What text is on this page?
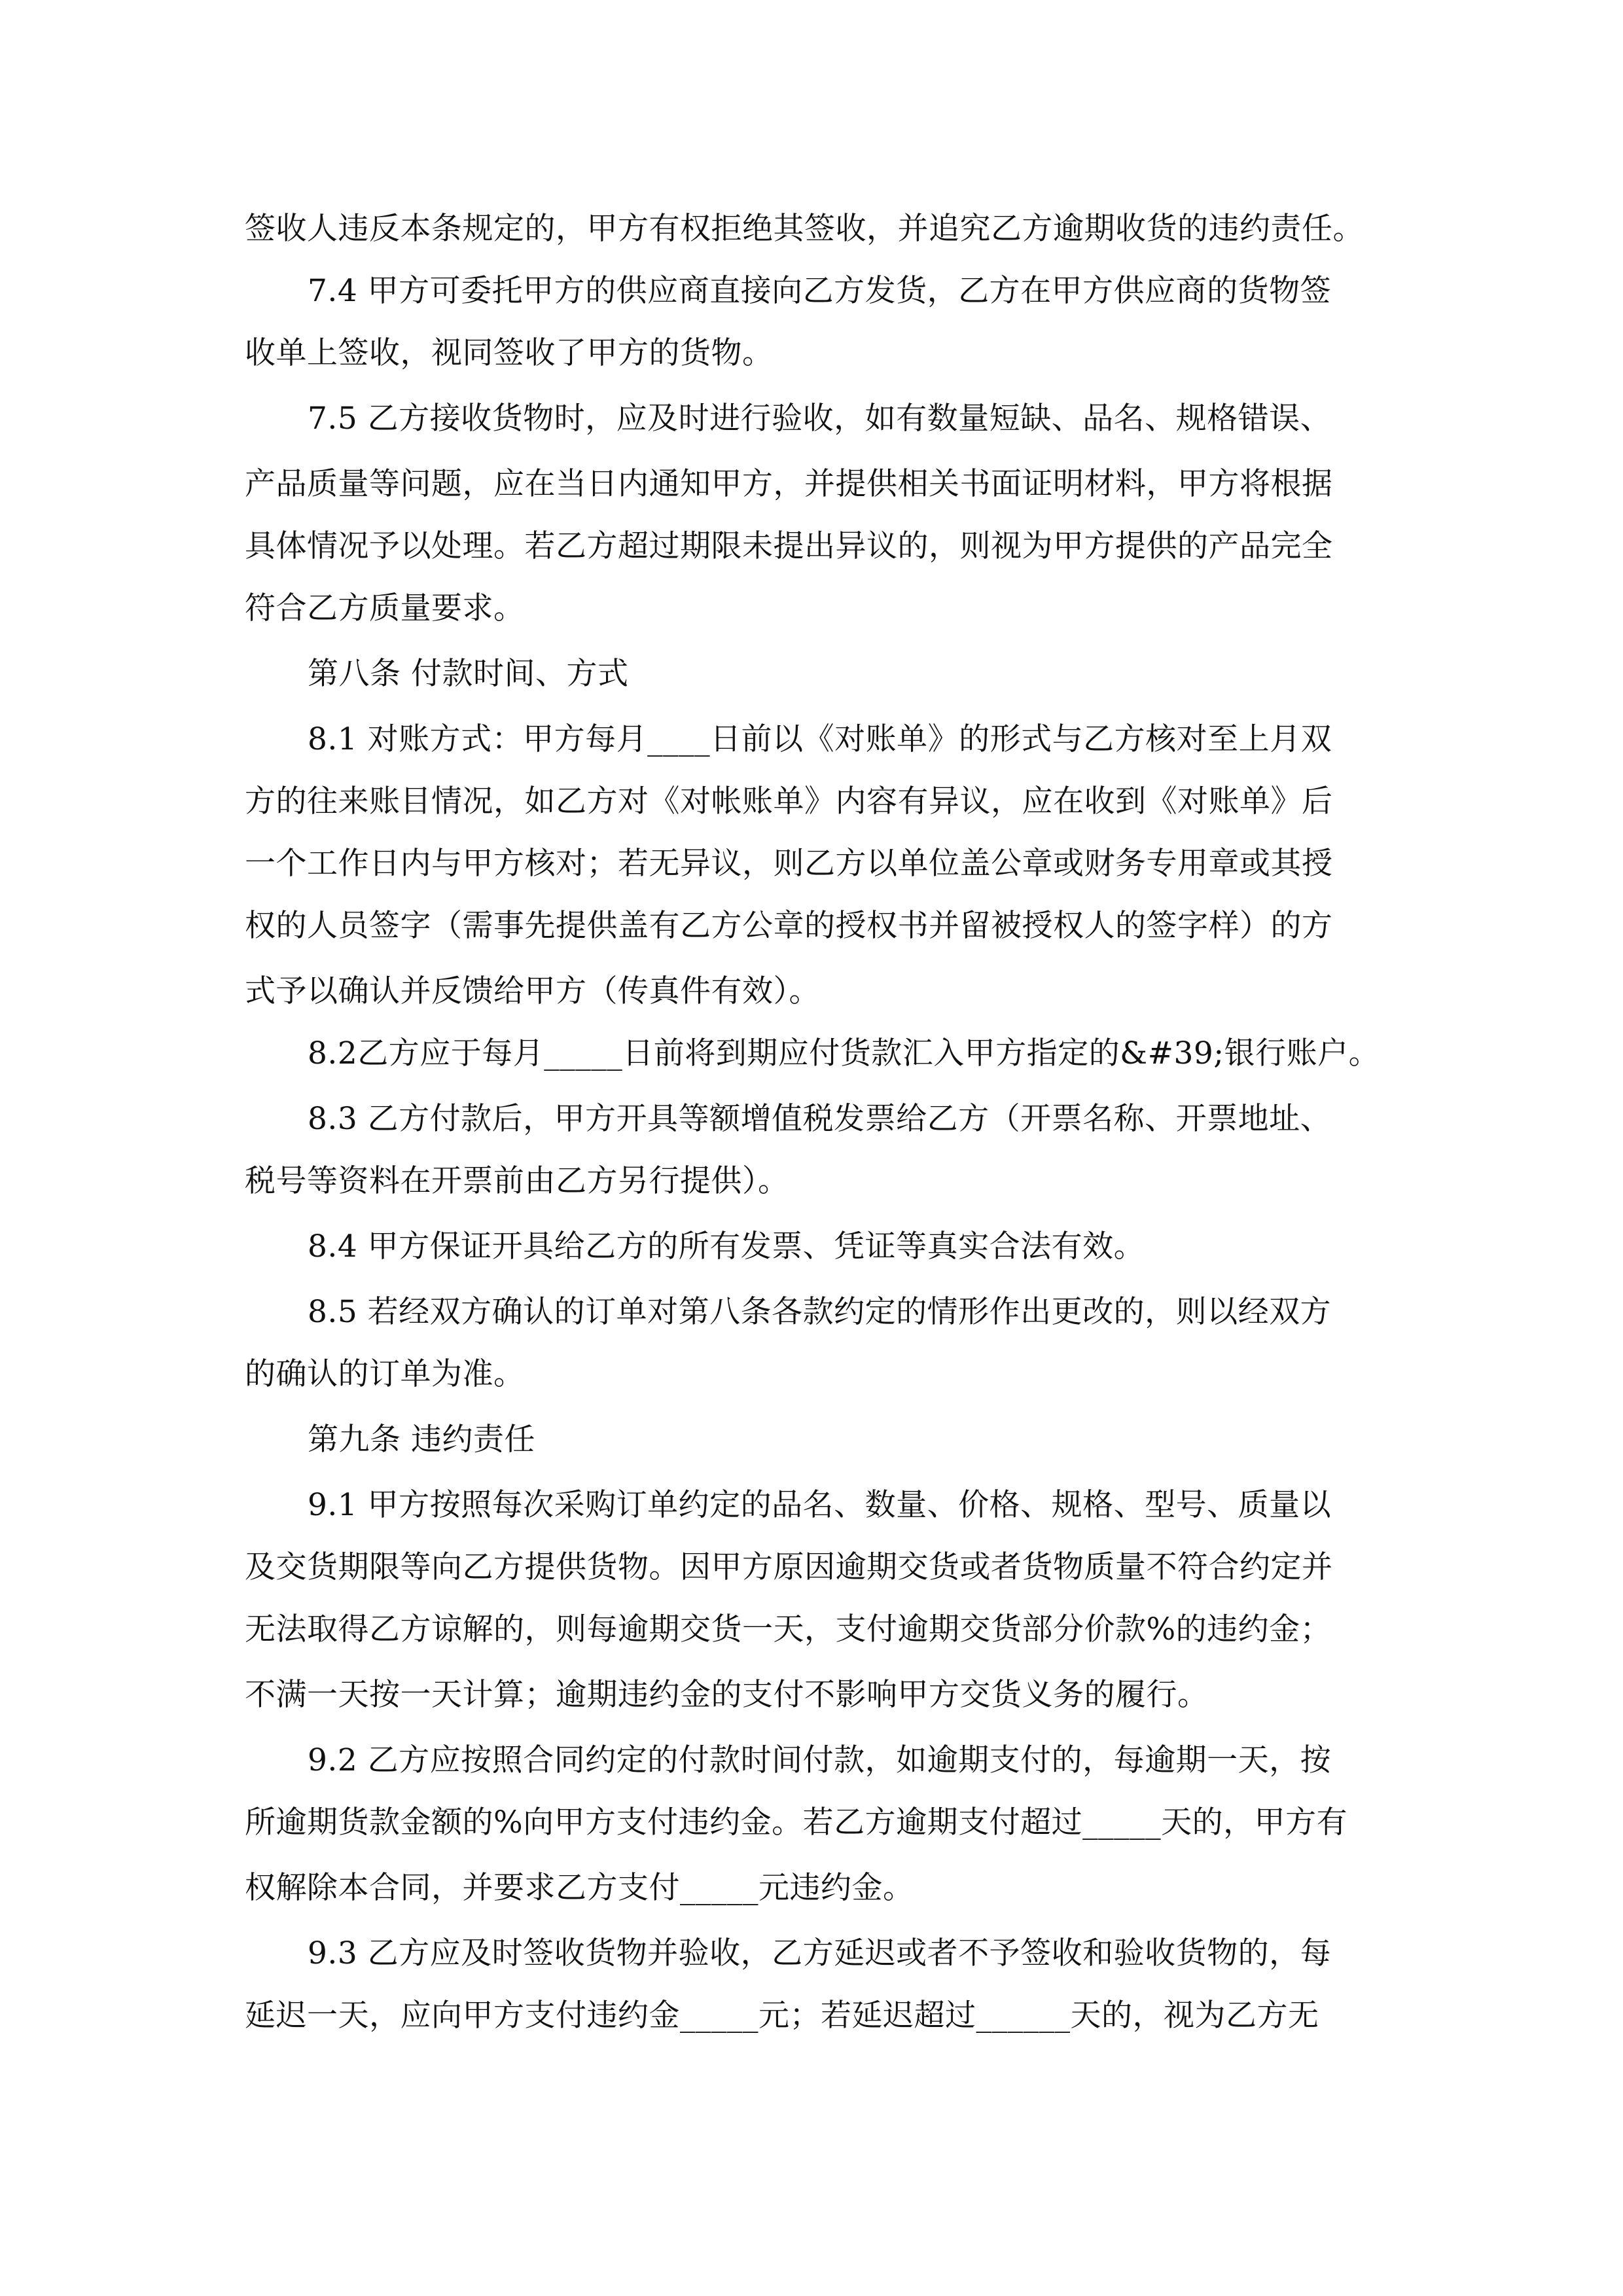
签收人违反本条规定的，甲方有权拒绝其签收，并追究乙方逾期收货的违约责任。

7.4 甲方可委托甲方的供应商直接向乙方发货，乙方在甲方供应商的货物签

收单上签收，视同签收了甲方的货物。

7.5 乙方接收货物时，应及时进行验收，如有数量短缺、品名、规格错误、

产品质量等问题，应在当日内通知甲方，并提供相关书面证明材料，甲方将根据

具体情况予以处理。若乙方超过期限未提出异议的，则视为甲方提供的产品完全

符合乙方质量要求。

第八条 付款时间、方式

8.1 对账方式：甲方每月____日前以《对账单》的形式与乙方核对至上月双

方的往来账目情况，如乙方对《对帐账单》内容有异议，应在收到《对账单》后

一个工作日内与甲方核对；若无异议，则乙方以单位盖公章或财务专用章或其授

权的人员签字（需事先提供盖有乙方公章的授权书并留被授权人的签字样）的方

式予以确认并反馈给甲方（传真件有效）。

8.2乙方应于每月_____日前将到期应付货款汇入甲方指定的&#39;银行账户。

8.3 乙方付款后，甲方开具等额增值税发票给乙方（开票名称、开票地址、

税号等资料在开票前由乙方另行提供）。

8.4 甲方保证开具给乙方的所有发票、凭证等真实合法有效。

8.5 若经双方确认的订单对第八条各款约定的情形作出更改的，则以经双方

的确认的订单为准。

第九条 违约责任

9.1 甲方按照每次采购订单约定的品名、数量、价格、规格、型号、质量以

及交货期限等向乙方提供货物。因甲方原因逾期交货或者货物质量不符合约定并

无法取得乙方谅解的，则每逾期交货一天，支付逾期交货部分价款%的违约金；

不满一天按一天计算；逾期违约金的支付不影响甲方交货义务的履行。

9.2 乙方应按照合同约定的付款时间付款，如逾期支付的，每逾期一天，按

所逾期货款金额的%向甲方支付违约金。若乙方逾期支付超过_____天的，甲方有

权解除本合同，并要求乙方支付_____元违约金。

9.3 乙方应及时签收货物并验收，乙方延迟或者不予签收和验收货物的，每

延迟一天，应向甲方支付违约金_____元；若延迟超过______天的，视为乙方无
